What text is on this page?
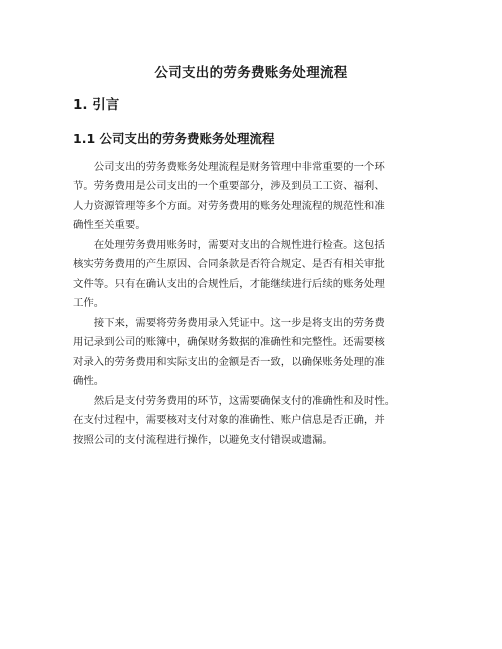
公司支出的劳务费账务处理流程
1. 引言
1.1 公司支出的劳务费账务处理流程

　　公司支出的劳务费账务处理流程是财务管理中非常重要的一个环
节。劳务费用是公司支出的一个重要部分，涉及到员工工资、福利、
人力资源管理等多个方面。对劳务费用的账务处理流程的规范性和准
确性至关重要。

　　在处理劳务费用账务时，需要对支出的合规性进行检查。这包括
核实劳务费用的产生原因、合同条款是否符合规定、是否有相关审批
文件等。只有在确认支出的合规性后，才能继续进行后续的账务处理
工作。

　　接下来，需要将劳务费用录入凭证中。这一步是将支出的劳务费
用记录到公司的账簿中，确保财务数据的准确性和完整性。还需要核
对录入的劳务费用和实际支出的金额是否一致，以确保账务处理的准
确性。

　　然后是支付劳务费用的环节，这需要确保支付的准确性和及时性。
在支付过程中，需要核对支付对象的准确性、账户信息是否正确，并
按照公司的支付流程进行操作，以避免支付错误或遗漏。
